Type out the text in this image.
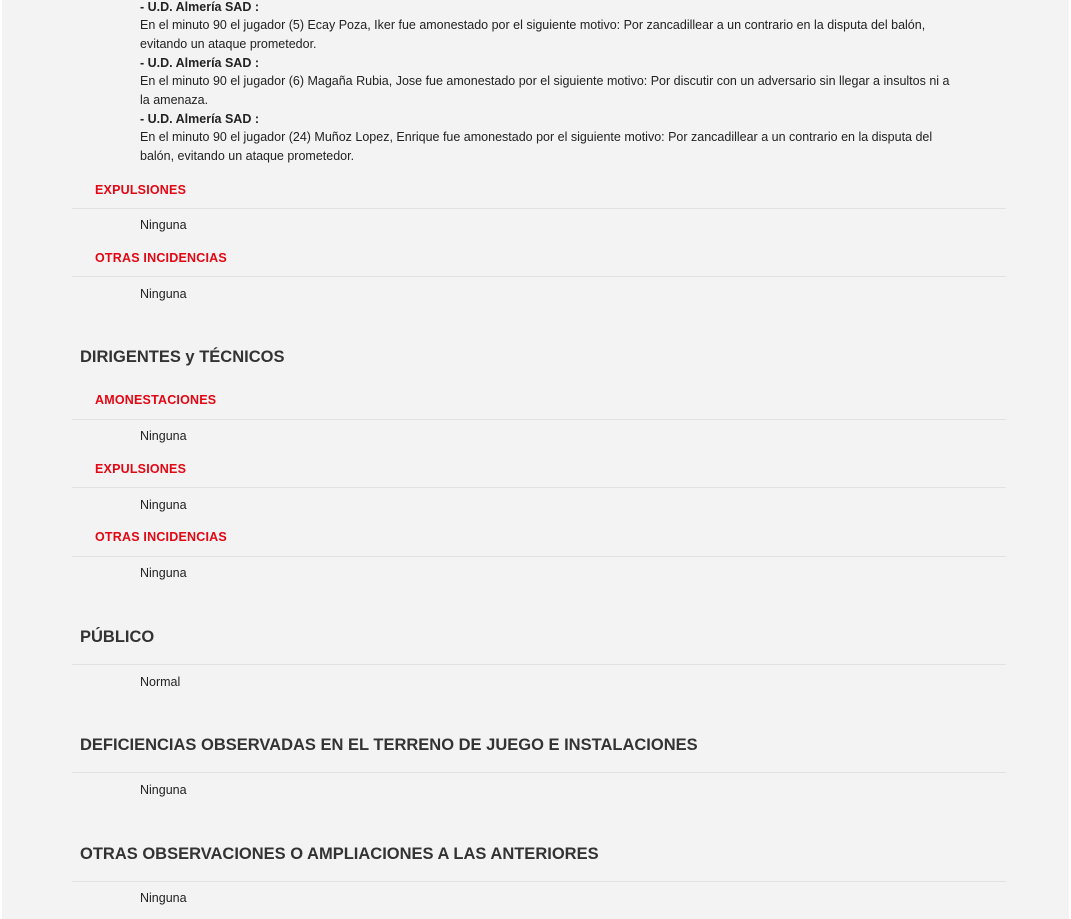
- U.D. Almería SAD :
En el minuto 90 el jugador (5) Ecay Poza, Iker fue amonestado por el siguiente motivo: Por zancadillear a un contrario en la disputa del balón, evitando un ataque prometedor.
- U.D. Almería SAD :
En el minuto 90 el jugador (6) Magaña Rubia, Jose fue amonestado por el siguiente motivo: Por discutir con un adversario sin llegar a insultos ni a la amenaza.
- U.D. Almería SAD :
En el minuto 90 el jugador (24) Muñoz Lopez, Enrique fue amonestado por el siguiente motivo: Por zancadillear a un contrario en la disputa del balón, evitando un ataque prometedor.
EXPULSIONES
Ninguna
OTRAS INCIDENCIAS
Ninguna
DIRIGENTES y TÉCNICOS
AMONESTACIONES
Ninguna
EXPULSIONES
Ninguna
OTRAS INCIDENCIAS
Ninguna
PÚBLICO
Normal
DEFICIENCIAS OBSERVADAS EN EL TERRENO DE JUEGO E INSTALACIONES
Ninguna
OTRAS OBSERVACIONES O AMPLIACIONES A LAS ANTERIORES
Ninguna
